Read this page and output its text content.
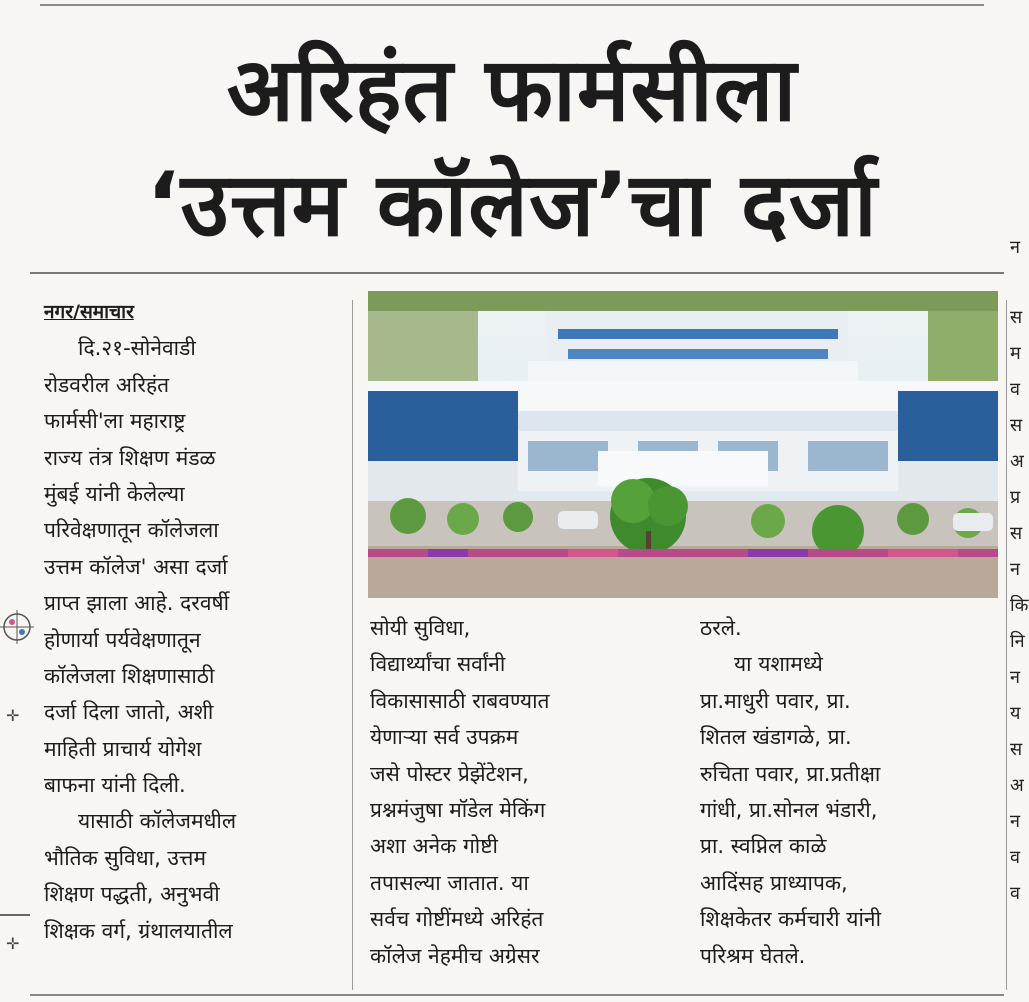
अरिहंत फार्मसीला
‘उत्तम कॉलेज’चा दर्जा
नगर/समाचार
दि.२१-सोनेवाडी
रोडवरील अरिहंत
फार्मसी'ला महाराष्ट्र
राज्य तंत्र शिक्षण मंडळ
मुंबई यांनी केलेल्या
परिवेक्षणातून कॉलेजला
उत्तम कॉलेज' असा दर्जा
प्राप्त झाला आहे. दरवर्षी
होणार्या पर्यवेक्षणातून
कॉलेजला शिक्षणासाठी
दर्जा दिला जातो, अशी
माहिती प्राचार्य योगेश
बाफना यांनी दिली.
यासाठी कॉलेजमधील
भौतिक सुविधा, उत्तम
शिक्षण पद्धती, अनुभवी
शिक्षक वर्ग, ग्रंथालयातील
सोयी सुविधा,
विद्यार्थ्यांचा सर्वांनी
विकासासाठी राबवण्यात
येणाऱ्या सर्व उपक्रम
जसे पोस्टर प्रेझेंटेशन,
प्रश्नमंजुषा मॉडेल मेकिंग
अशा अनेक गोष्टी
तपासल्या जातात. या
सर्वच गोष्टींमध्ये अरिहंत
कॉलेज नेहमीच अग्रेसर
ठरले.
या यशामध्ये
प्रा.माधुरी पवार, प्रा.
शितल खंडागळे, प्रा.
रुचिता पवार, प्रा.प्रतीक्षा
गांधी, प्रा.सोनल भंडारी,
प्रा. स्वप्निल काळे
आदिंसह प्राध्यापक,
शिक्षकेतर कर्मचारी यांनी
परिश्रम घेतले.
न
स
म
व
स
अ
प्र
स
न
कि
नि
न
य
स
अ
न
व
व
✛
✛
